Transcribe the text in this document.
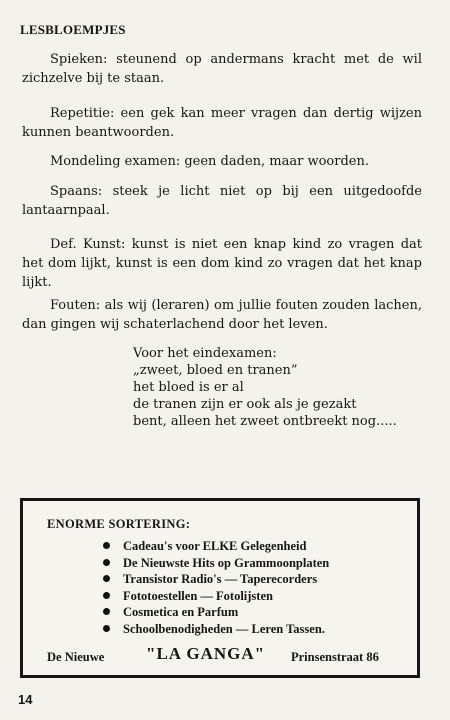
LESBLOEMPJES

Spieken: steunend op andermans kracht met de wil zichzelve bij te staan.

Repetitie: een gek kan meer vragen dan dertig wijzen kunnen beantwoorden.

Mondeling examen: geen daden, maar woorden.

Spaans: steek je licht niet op bij een uitgedoofde lantaarnpaal.

Def. Kunst: kunst is niet een knap kind zo vragen dat het dom lijkt, kunst is een dom kind zo vragen dat het knap lijkt.

Fouten: als wij (leraren) om jullie fouten zouden lachen, dan gingen wij schaterlachend door het leven.

Voor het eindexamen:
„zweet, bloed en tranen”
het bloed is er al
de tranen zijn er ook als je gezakt
bent, alleen het zweet ontbreekt nog.....
ENORME SORTERING:
Cadeau's voor ELKE Gelegenheid
De Nieuwste Hits op Grammoonplaten
Transistor Radio's — Taperecorders
Fototoestellen — Fotolijsten
Cosmetica en Parfum
Schoolbenodigheden — Leren Tassen.
De Nieuwe "LA GANGA" Prinsenstraat 86
14
